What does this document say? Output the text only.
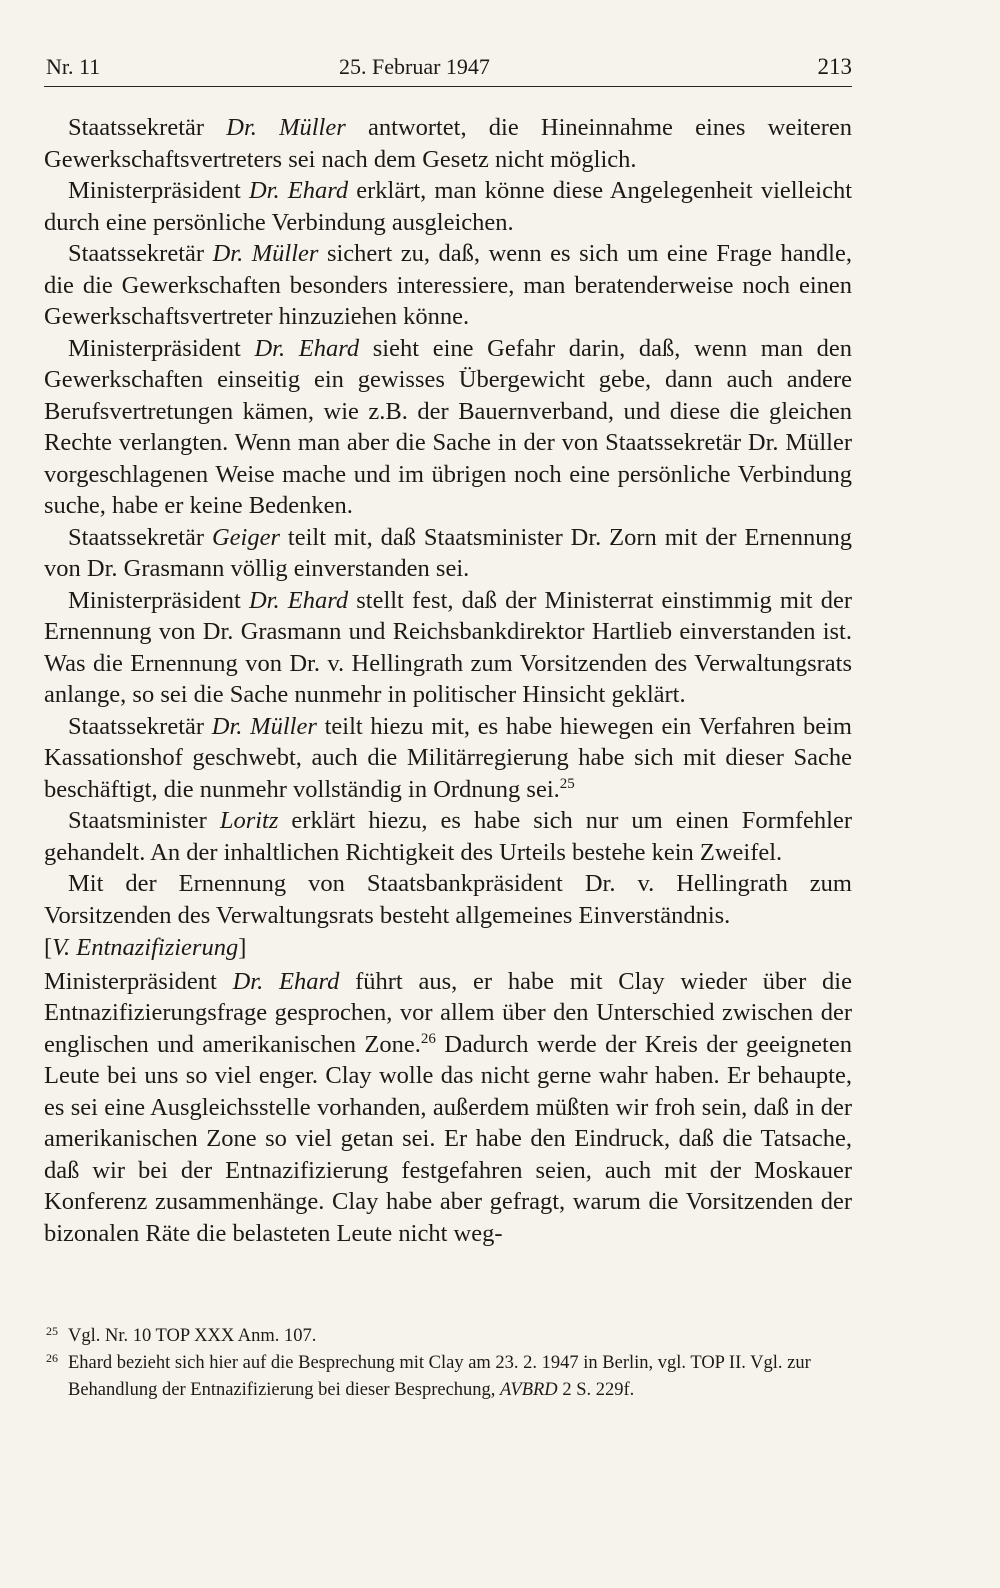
Nr. 11	25. Februar 1947	213

Staatssekretär Dr. Müller antwortet, die Hineinnahme eines weiteren Gewerkschaftsvertreters sei nach dem Gesetz nicht möglich.

Ministerpräsident Dr. Ehard erklärt, man könne diese Angelegenheit vielleicht durch eine persönliche Verbindung ausgleichen.

Staatssekretär Dr. Müller sichert zu, daß, wenn es sich um eine Frage handle, die die Gewerkschaften besonders interessiere, man beratenderweise noch einen Gewerkschaftsvertreter hinzuziehen könne.

Ministerpräsident Dr. Ehard sieht eine Gefahr darin, daß, wenn man den Gewerkschaften einseitig ein gewisses Übergewicht gebe, dann auch andere Berufsvertretungen kämen, wie z.B. der Bauernverband, und diese die gleichen Rechte verlangten. Wenn man aber die Sache in der von Staatssekretär Dr. Müller vorgeschlagenen Weise mache und im übrigen noch eine persönliche Verbindung suche, habe er keine Bedenken.

Staatssekretär Geiger teilt mit, daß Staatsminister Dr. Zorn mit der Ernennung von Dr. Grasmann völlig einverstanden sei.

Ministerpräsident Dr. Ehard stellt fest, daß der Ministerrat einstimmig mit der Ernennung von Dr. Grasmann und Reichsbankdirektor Hartlieb einverstanden ist. Was die Ernennung von Dr. v. Hellingrath zum Vorsitzenden des Verwaltungsrats anlange, so sei die Sache nunmehr in politischer Hinsicht geklärt.

Staatssekretär Dr. Müller teilt hiezu mit, es habe hiewegen ein Verfahren beim Kassationshof geschwebt, auch die Militärregierung habe sich mit dieser Sache beschäftigt, die nunmehr vollständig in Ordnung sei.$^{25}$

Staatsminister Loritz erklärt hiezu, es habe sich nur um einen Formfehler gehandelt. An der inhaltlichen Richtigkeit des Urteils bestehe kein Zweifel.

Mit der Ernennung von Staatsbankpräsident Dr. v. Hellingrath zum Vorsitzenden des Verwaltungsrats besteht allgemeines Einverständnis.

[V. Entnazifizierung]

Ministerpräsident Dr. Ehard führt aus, er habe mit Clay wieder über die Entnazifizierungsfrage gesprochen, vor allem über den Unterschied zwischen der englischen und amerikanischen Zone.$^{26}$ Dadurch werde der Kreis der geeigneten Leute bei uns so viel enger. Clay wolle das nicht gerne wahr haben. Er behaupte, es sei eine Ausgleichsstelle vorhanden, außerdem müßten wir froh sein, daß in der amerikanischen Zone so viel getan sei. Er habe den Eindruck, daß die Tatsache, daß wir bei der Entnazifizierung festgefahren seien, auch mit der Moskauer Konferenz zusammenhänge. Clay habe aber gefragt, warum die Vorsitzenden der bizonalen Räte die belasteten Leute nicht weg-

25 Vgl. Nr. 10 TOP XXX Anm. 107.
26 Ehard bezieht sich hier auf die Besprechung mit Clay am 23. 2. 1947 in Berlin, vgl. TOP II. Vgl. zur Behandlung der Entnazifizierung bei dieser Besprechung, AVBRD 2 S. 229f.
